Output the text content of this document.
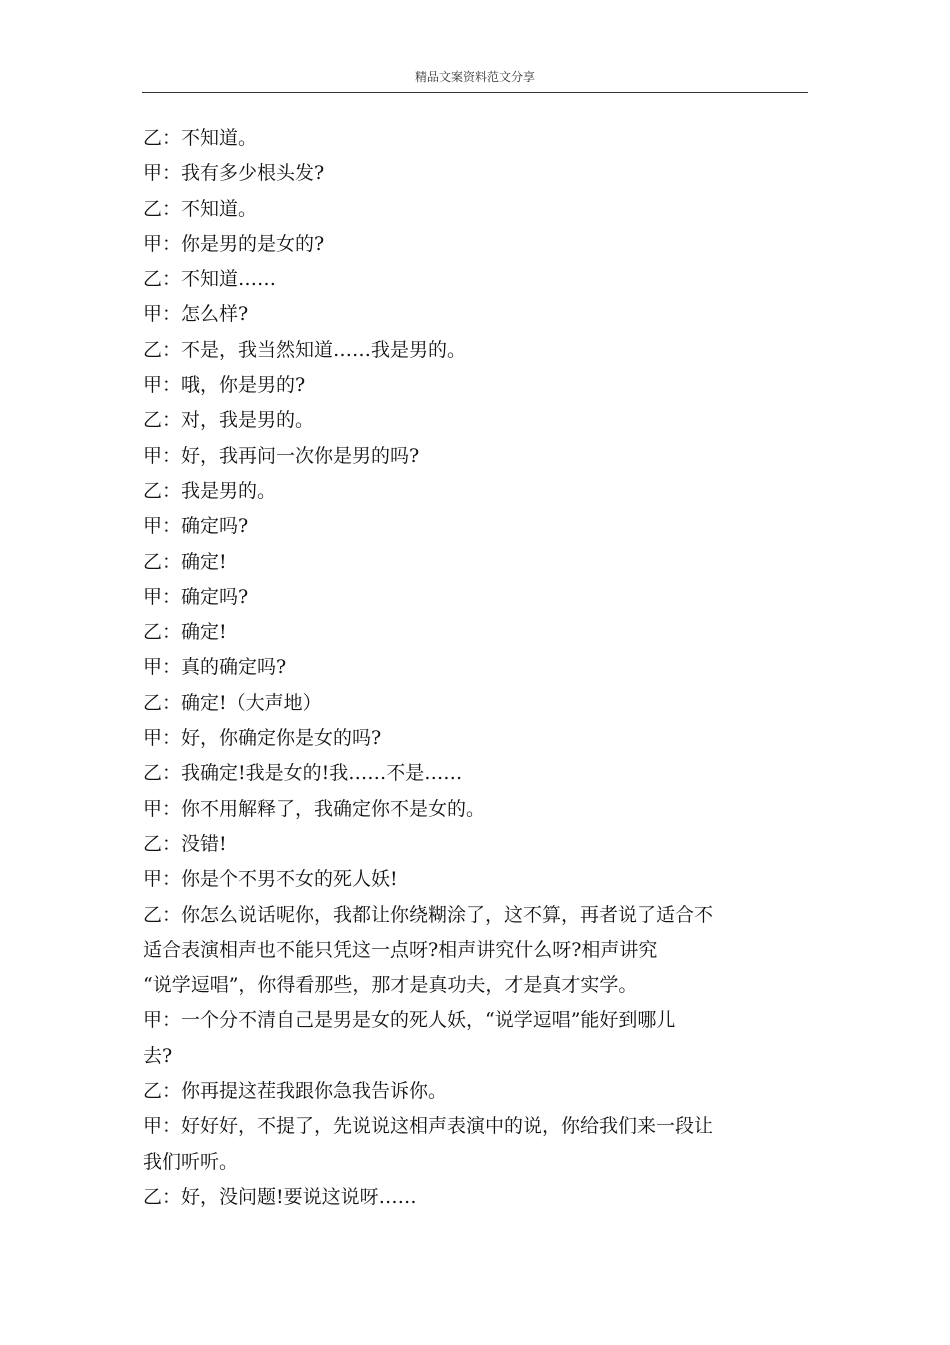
精品文案资料范文分享
乙：不知道。
甲：我有多少根头发?
乙：不知道。
甲：你是男的是女的?
乙：不知道……
甲：怎么样?
乙：不是，我当然知道……我是男的。
甲：哦，你是男的?
乙：对，我是男的。
甲：好，我再问一次你是男的吗?
乙：我是男的。
甲：确定吗?
乙：确定!
甲：确定吗?
乙：确定!
甲：真的确定吗?
乙：确定!（大声地）
甲：好，你确定你是女的吗?
乙：我确定!我是女的!我……不是……
甲：你不用解释了，我确定你不是女的。
乙：没错!
甲：你是个不男不女的死人妖!
乙：你怎么说话呢你，我都让你绕糊涂了，这不算，再者说了适合不
适合表演相声也不能只凭这一点呀?相声讲究什么呀?相声讲究
“说学逗唱”，你得看那些，那才是真功夫，才是真才实学。
甲：一个分不清自己是男是女的死人妖，“说学逗唱”能好到哪儿
去?
乙：你再提这茬我跟你急我告诉你。
甲：好好好，不提了，先说说这相声表演中的说，你给我们来一段让
我们听听。
乙：好，没问题!要说这说呀……
